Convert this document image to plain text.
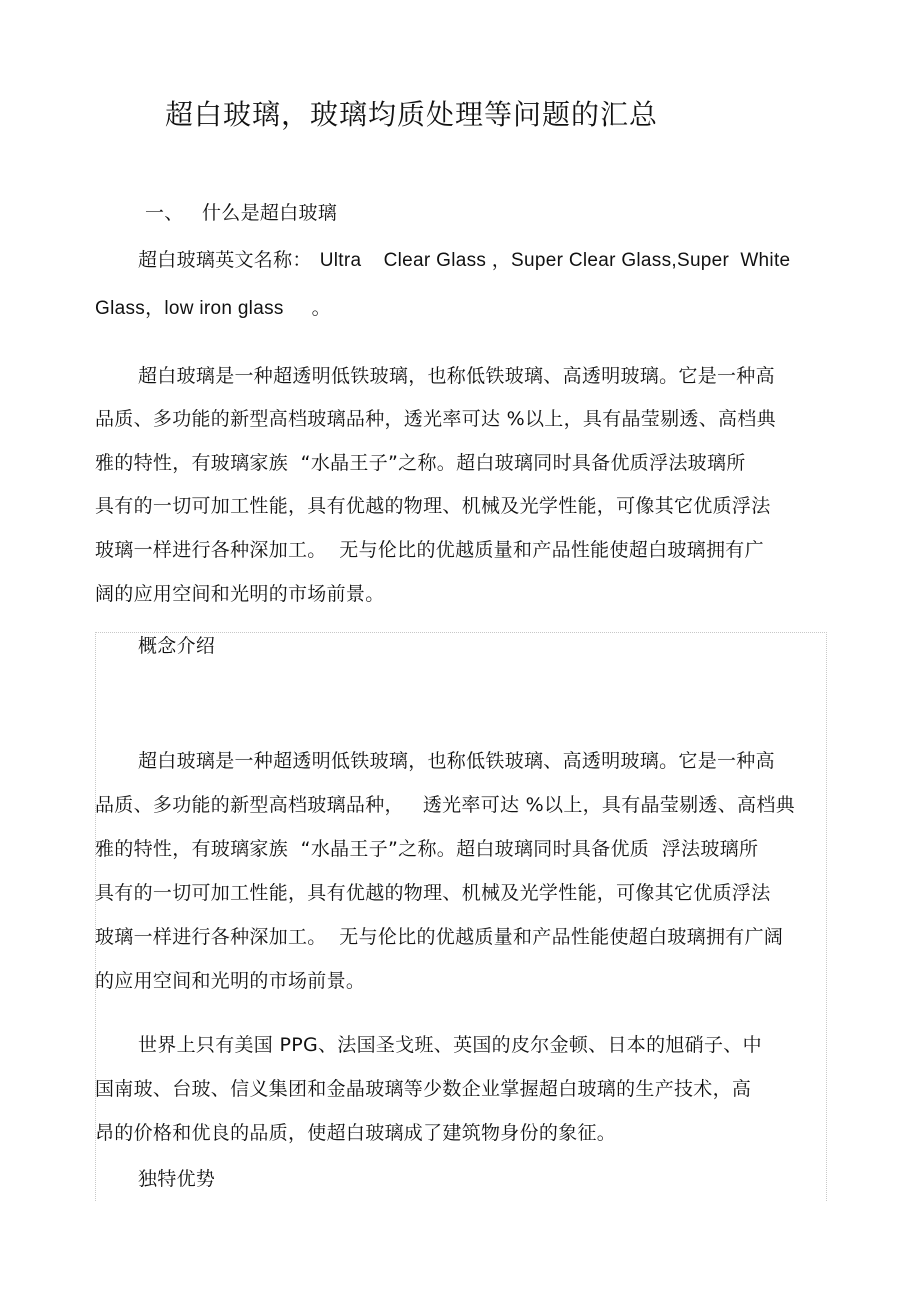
超白玻璃，玻璃均质处理等问题的汇总
一、 什么是超白玻璃
超白玻璃英文名称： Ultra    Clear Glass ，Super Clear Glass,Super  White
Glass，low iron glass 。
超白玻璃是一种超透明低铁玻璃，也称低铁玻璃、高透明玻璃。它是一种高
品质、多功能的新型高档玻璃品种，透光率可达 %以上，具有晶莹剔透、高档典
雅的特性，有玻璃家族  “水晶王子”之称。超白玻璃同时具备优质浮法玻璃所
具有的一切可加工性能，具有优越的物理、机械及光学性能，可像其它优质浮法
玻璃一样进行各种深加工。  无与伦比的优越质量和产品性能使超白玻璃拥有广
阔的应用空间和光明的市场前景。
概念介绍
超白玻璃是一种超透明低铁玻璃，也称低铁玻璃、高透明玻璃。它是一种高
品质、多功能的新型高档玻璃品种，   透光率可达 %以上，具有晶莹剔透、高档典
雅的特性，有玻璃家族  “水晶王子”之称。超白玻璃同时具备优质  浮法玻璃所
具有的一切可加工性能，具有优越的物理、机械及光学性能，可像其它优质浮法
玻璃一样进行各种深加工。  无与伦比的优越质量和产品性能使超白玻璃拥有广阔
的应用空间和光明的市场前景。
世界上只有美国 PPG、法国圣戈班、英国的皮尔金顿、日本的旭硝子、中
国南玻、台玻、信义集团和金晶玻璃等少数企业掌握超白玻璃的生产技术，高
昂的价格和优良的品质，使超白玻璃成了建筑物身份的象征。
独特优势
